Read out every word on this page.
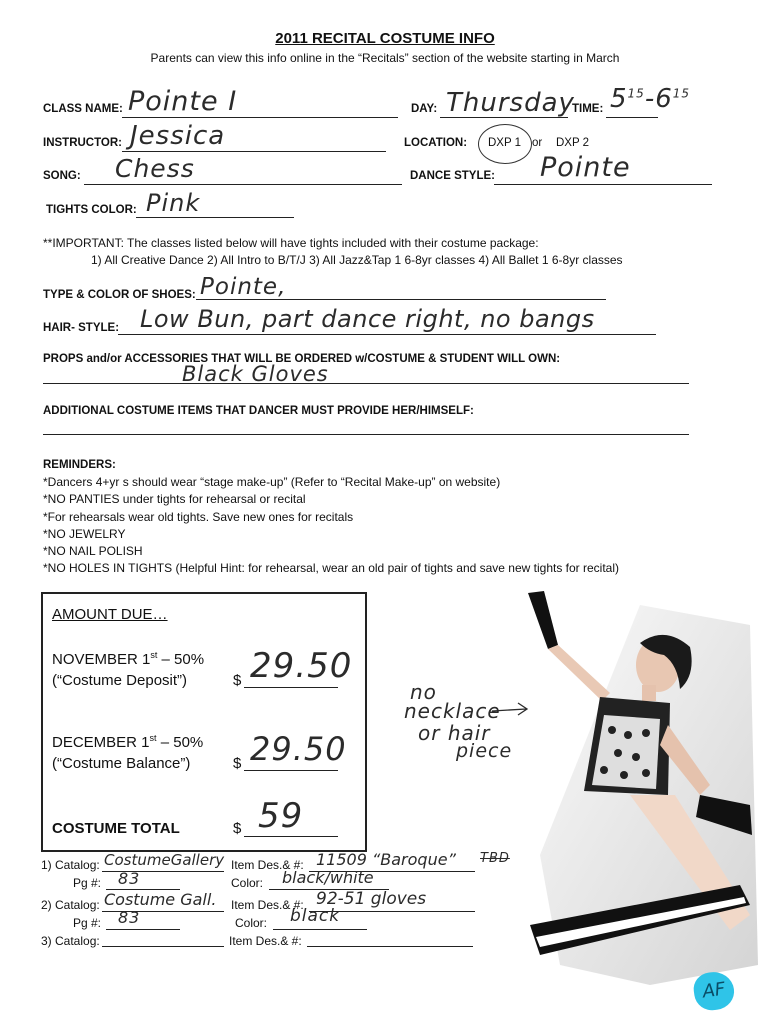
2011 RECITAL COSTUME INFO
Parents can view this info online in the “Recitals” section of the website starting in March
CLASS NAME: Pointe I	DAY: Thursday
TIME: $5^{15}-6^{15}$
INSTRUCTOR: Jessica	LOCATION: DXP 1 or DXP 2
SONG: Chess	DANCE STYLE: Pointe
TIGHTS COLOR: Pink
**IMPORTANT: The classes listed below will have tights included with their costume package:
1) All Creative Dance 2) All Intro to B/T/J 3) All Jazz&Tap 1 6-8yr classes 4) All Ballet 1 6-8yr classes
TYPE & COLOR OF SHOES: Pointe,
HAIR- STYLE: Low Bun, part dance right, no bangs
PROPS and/or ACCESSORIES THAT WILL BE ORDERED w/COSTUME & STUDENT WILL OWN:
Black Gloves
ADDITIONAL COSTUME ITEMS THAT DANCER MUST PROVIDE HER/HIMSELF:
REMINDERS:
*Dancers 4+yr s should wear “stage make-up” (Refer to “Recital Make-up” on website)
*NO PANTIES under tights for rehearsal or recital
*For rehearsals wear old tights. Save new ones for recitals
*NO JEWELRY
*NO NAIL POLISH
*NO HOLES IN TIGHTS (Helpful Hint: for rehearsal, wear an old pair of tights and save new tights for recital)
AMOUNT DUE…
NOVEMBER 1st – 50%
(“Costume Deposit”)	$ 29.50
DECEMBER 1st – 50%
(“Costume Balance”)	$ 29.50
COSTUME TOTAL	$ 59
no
necklace
or hair
piece
1) Catalog: CostumeGallery Item Des.& #: 11509 “Baroque” TBD
Pg #: 83	Color: black/white
2) Catalog: Costume Gall. Item Des.& #: 92-51 gloves
Pg #: 83	Color: black
3) Catalog:	Item Des.& #:
AF
